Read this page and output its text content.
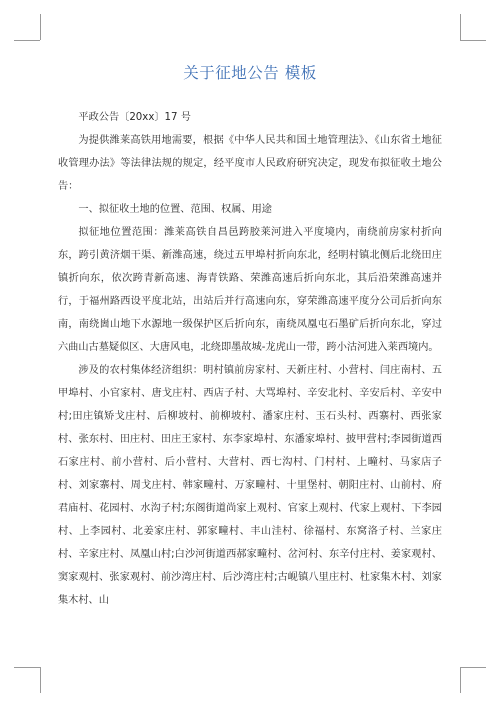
关于征地公告 模板

平政公告〔20xx〕17 号

为提供潍莱高铁用地需要，根据《中华人民共和国土地管理法》、《山东省土地征收管理办法》等法律法规的规定，经平度市人民政府研究决定，现发布拟征收土地公告：

一、拟征收土地的位置、范围、权属、用途

拟征地位置范围：潍莱高铁自昌邑跨胶莱河进入平度境内，南绕前房家村折向东，跨引黄济烟干渠、新潍高速，绕过五甲埠村折向东北，经明村镇北侧后北绕田庄镇折向东，依次跨青新高速、海青铁路、荣潍高速后折向东北，其后沿荣潍高速并行，于福州路西设平度北站，出站后并行高速向东，穿荣潍高速平度分公司后折向东南，南绕崮山地下水源地一级保护区后折向东，南绕凤凰屯石墨矿后折向东北，穿过六曲山古墓疑似区、大唐风电，北绕即墨故城-龙虎山一带，跨小沽河进入莱西境内。

涉及的农村集体经济组织：明村镇前房家村、天新庄村、小营村、闫庄南村、五甲埠村、小官家村、唐戈庄村、西店子村、大骂埠村、辛安北村、辛安后村、辛安中村;田庄镇矫戈庄村、后柳坡村、前柳坡村、潘家庄村、玉石头村、西寨村、西张家村、张东村、田庄村、田庄王家村、东李家埠村、东潘家埠村、披甲营村;李园街道西石家庄村、前小营村、后小营村、大营村、西七沟村、门村村、上疃村、马家店子村、刘家寨村、周戈庄村、韩家疃村、万家疃村、十里堡村、朝阳庄村、山前村、府君庙村、花园村、水沟子村;东阁街道尚家上观村、官家上观村、代家上观村、下李园村、上李园村、北姜家庄村、郭家疃村、丰山洼村、徐福村、东窝洛子村、兰家庄村、辛家庄村、凤凰山村;白沙河街道西郝家疃村、岔河村、东辛付庄村、姜家观村、窦家观村、张家观村、前沙湾庄村、后沙湾庄村;古岘镇八里庄村、杜家集木村、刘家集木村、山
